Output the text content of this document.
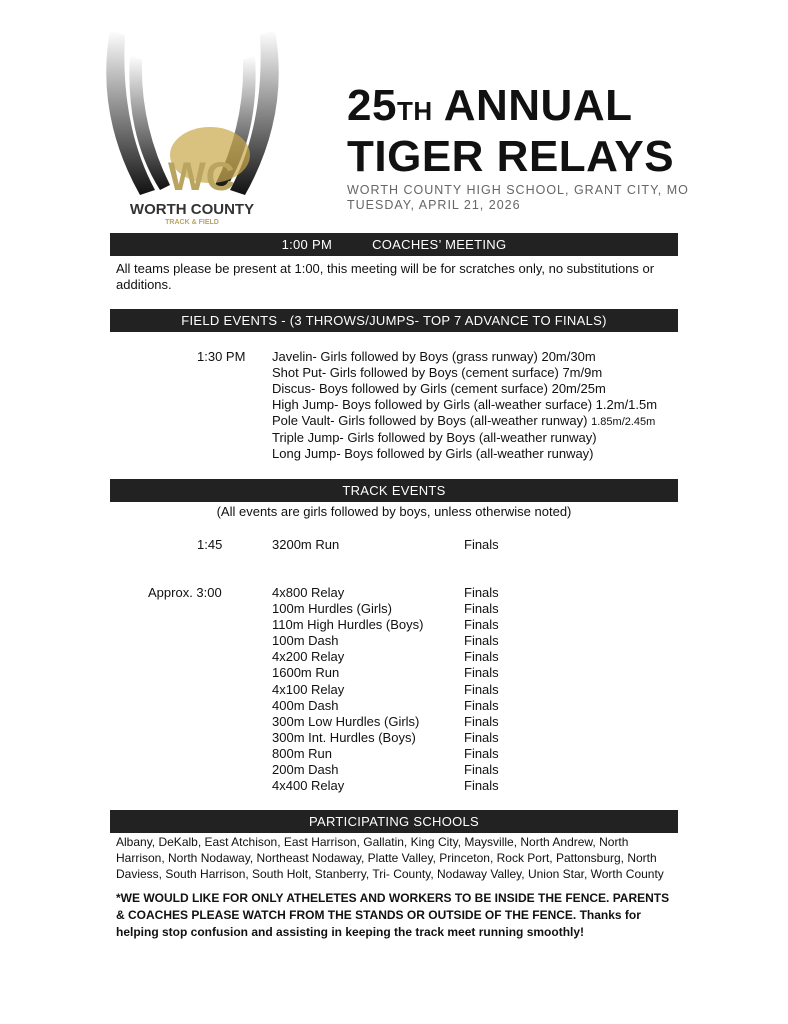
WC
WORTH COUNTY
TRACK & FIELD
25TH ANNUAL
TIGER RELAYS
WORTH COUNTY HIGH SCHOOL, GRANT CITY, MO
TUESDAY, APRIL 21, 2026
1:00 PM	COACHES’ MEETING
All teams please be present at 1:00, this meeting will be for scratches only, no substitutions or additions.
FIELD EVENTS - (3 THROWS/JUMPS- TOP 7 ADVANCE TO FINALS)
1:30 PM Javelin- Girls followed by Boys (grass runway) 20m/30m
Shot Put- Girls followed by Boys (cement surface) 7m/9m
Discus- Boys followed by Girls (cement surface) 20m/25m
High Jump- Boys followed by Girls (all-weather surface) 1.2m/1.5m
Pole Vault- Girls followed by Boys (all-weather runway) 1.85m/2.45m
Triple Jump- Girls followed by Boys (all-weather runway)
Long Jump- Boys followed by Girls (all-weather runway)
TRACK EVENTS
(All events are girls followed by boys, unless otherwise noted)
1:45	3200m Run	Finals
Approx. 3:00	4x800 Relay	Finals
100m Hurdles (Girls)	Finals
110m High Hurdles (Boys)	Finals
100m Dash	Finals
4x200 Relay	Finals
1600m Run	Finals
4x100 Relay	Finals
400m Dash	Finals
300m Low Hurdles (Girls)	Finals
300m Int. Hurdles (Boys)	Finals
800m Run	Finals
200m Dash	Finals
4x400 Relay	Finals
PARTICIPATING SCHOOLS
Albany, DeKalb, East Atchison, East Harrison, Gallatin, King City, Maysville, North Andrew, North Harrison, North Nodaway, Northeast Nodaway, Platte Valley, Princeton, Rock Port, Pattonsburg, North Daviess, South Harrison, South Holt, Stanberry, Tri- County, Nodaway Valley, Union Star, Worth County
*WE WOULD LIKE FOR ONLY ATHELETES AND WORKERS TO BE INSIDE THE FENCE. PARENTS & COACHES PLEASE WATCH FROM THE STANDS OR OUTSIDE OF THE FENCE. Thanks for helping stop confusion and assisting in keeping the track meet running smoothly!
